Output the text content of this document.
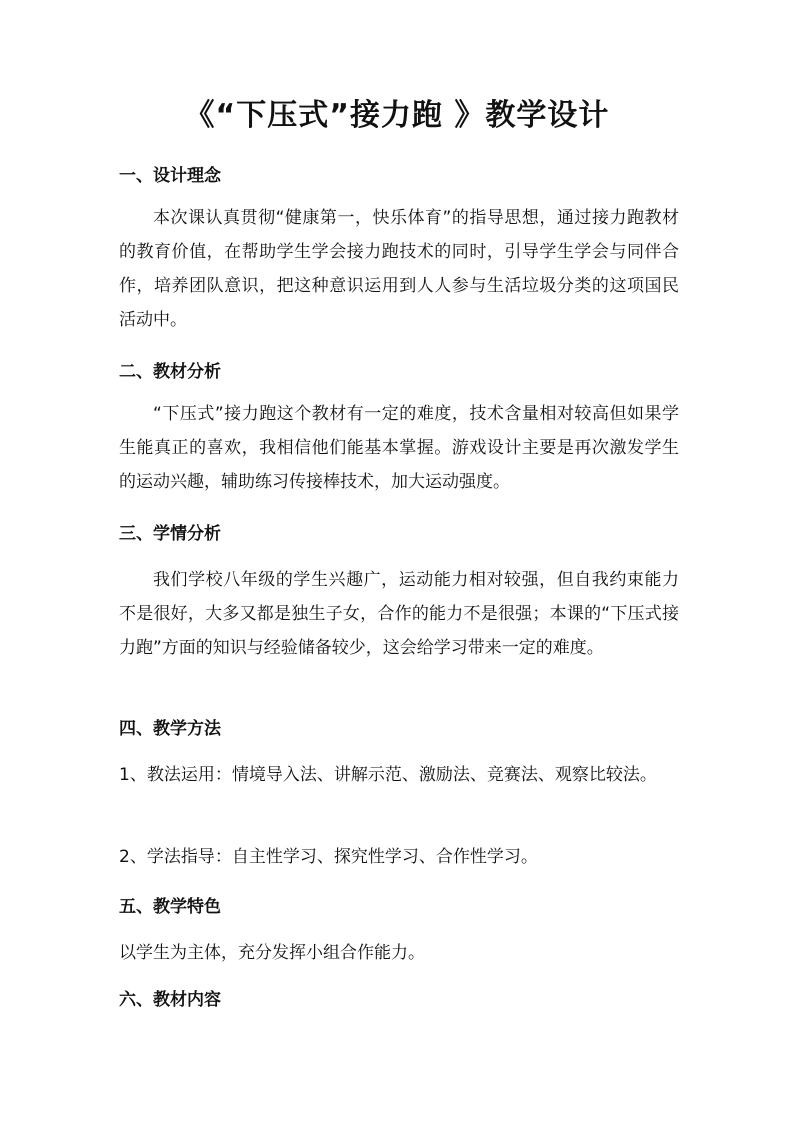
《“下压式”接力跑 》教学设计
一、设计理念
本次课认真贯彻“健康第一，快乐体育”的指导思想，通过接力跑教材的教育价值，在帮助学生学会接力跑技术的同时，引导学生学会与同伴合作，培养团队意识，把这种意识运用到人人参与生活垃圾分类的这项国民活动中。
二、教材分析
“下压式”接力跑这个教材有一定的难度，技术含量相对较高但如果学生能真正的喜欢，我相信他们能基本掌握。游戏设计主要是再次激发学生的运动兴趣，辅助练习传接棒技术，加大运动强度。
三、学情分析
我们学校八年级的学生兴趣广，运动能力相对较强，但自我约束能力不是很好，大多又都是独生子女，合作的能力不是很强；本课的“下压式接力跑”方面的知识与经验储备较少，这会给学习带来一定的难度。
四、教学方法
1、教法运用：情境导入法、讲解示范、激励法、竞赛法、观察比较法。
2、学法指导：自主性学习、探究性学习、合作性学习。
五、教学特色
以学生为主体，充分发挥小组合作能力。
六、教材内容
